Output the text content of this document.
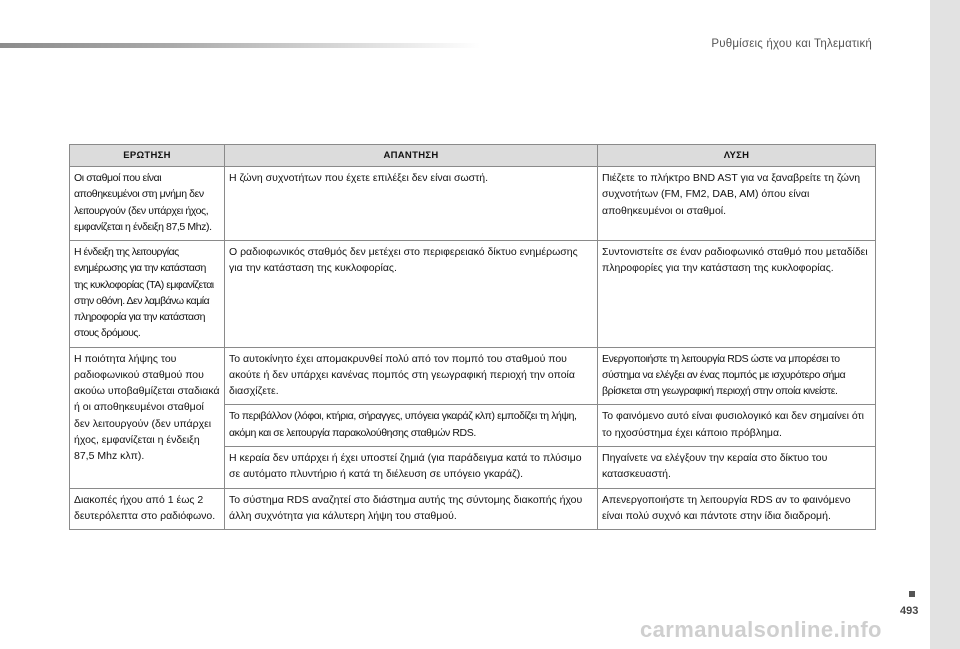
Ρυθμίσεις ήχου και Τηλεματική
ΕΡΩΤΗΣΗ	ΑΠΑΝΤΗΣΗ	ΛΥΣΗ
Οι σταθμοί που είναι αποθηκευμένοι στη μνήμη δεν λειτουργούν (δεν υπάρχει ήχος, εμφανίζεται η ένδειξη 87,5 Mhz).	Η ζώνη συχνοτήτων που έχετε επιλέξει δεν είναι σωστή.	Πιέζετε το πλήκτρο BND AST για να ξαναβρείτε τη ζώνη συχνοτήτων (FM, FM2, DAB, AM) όπου είναι αποθηκευμένοι οι σταθμοί.
Η ένδειξη της λειτουργίας ενημέρωσης για την κατάσταση της κυκλοφορίας (TA) εμφανίζεται στην οθόνη. Δεν λαμβάνω καμία πληροφορία για την κατάσταση στους δρόμους.	Ο ραδιοφωνικός σταθμός δεν μετέχει στο περιφερειακό δίκτυο ενημέρωσης για την κατάσταση της κυκλοφορίας.	Συντονιστείτε σε έναν ραδιοφωνικό σταθμό που μεταδίδει πληροφορίες για την κατάσταση της κυκλοφορίας.
Η ποιότητα λήψης του ραδιοφωνικού σταθμού που ακούω υποβαθμίζεται σταδιακά ή οι αποθηκευμένοι σταθμοί δεν λειτουργούν (δεν υπάρχει ήχος, εμφανίζεται η ένδειξη 87,5 Mhz κλπ).	Το αυτοκίνητο έχει απομακρυνθεί πολύ από τον πομπό του σταθμού που ακούτε ή δεν υπάρχει κανένας πομπός στη γεωγραφική περιοχή την οποία διασχίζετε.	Ενεργοποιήστε τη λειτουργία RDS ώστε να μπορέσει το σύστημα να ελέγξει αν ένας πομπός με ισχυρότερο σήμα βρίσκεται στη γεωγραφική περιοχή στην οποία κινείστε.
	Το περιβάλλον (λόφοι, κτήρια, σήραγγες, υπόγεια γκαράζ κλπ) εμποδίζει τη λήψη, ακόμη και σε λειτουργία παρακολούθησης σταθμών RDS.	Το φαινόμενο αυτό είναι φυσιολογικό και δεν σημαίνει ότι το ηχοσύστημα έχει κάποιο πρόβλημα.
	Η κεραία δεν υπάρχει ή έχει υποστεί ζημιά (για παράδειγμα κατά το πλύσιμο σε αυτόματο πλυντήριο ή κατά τη διέλευση σε υπόγειο γκαράζ).	Πηγαίνετε να ελέγξουν την κεραία στο δίκτυο του κατασκευαστή.
Διακοπές ήχου από 1 έως 2 δευτερόλεπτα στο ραδιόφωνο.	Το σύστημα RDS αναζητεί στο διάστημα αυτής της σύντομης διακοπής ήχου άλλη συχνότητα για κάλυτερη λήψη του σταθμού.	Απενεργοποιήστε τη λειτουργία RDS αν το φαινόμενο είναι πολύ συχνό και πάντοτε στην ίδια διαδρομή.
493
carmanualsonline.info
